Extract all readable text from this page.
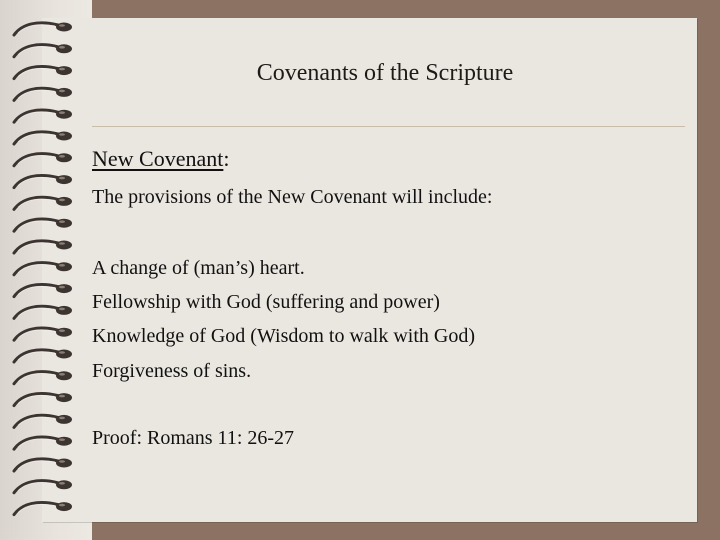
Covenants of the Scripture
New Covenant:
The provisions of the New Covenant will include:
A change of (man’s) heart.
Fellowship with God (suffering and power)
Knowledge of God (Wisdom to walk with God)
Forgiveness of sins.
Proof: Romans 11: 26-27
